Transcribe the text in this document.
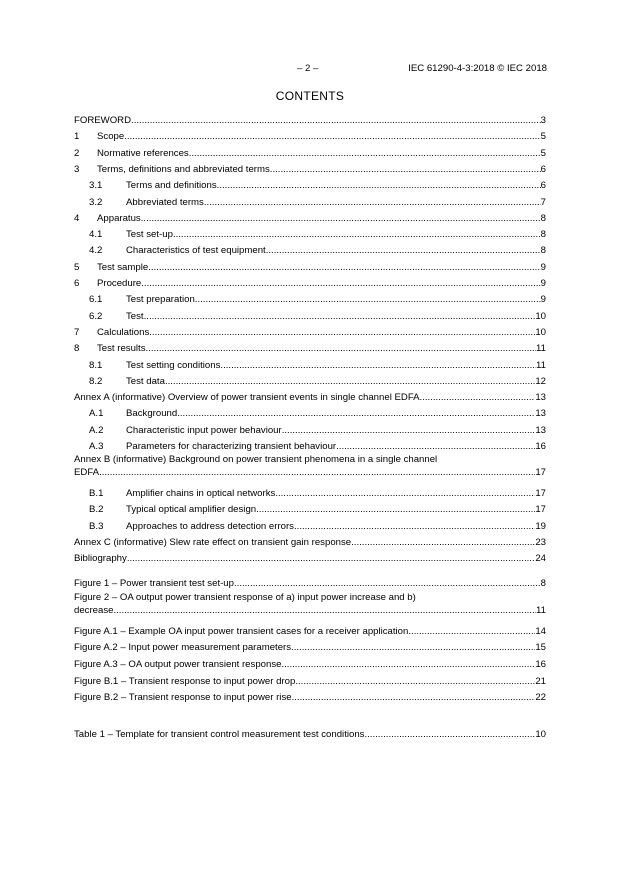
– 2 –	IEC 61290-4-3:2018 © IEC 2018
CONTENTS
FOREWORD .....	3
1	Scope .....	5
2	Normative references .....	5
3	Terms, definitions and abbreviated terms .....	6
3.1	Terms and definitions .....	6
3.2	Abbreviated terms .....	7
4	Apparatus .....	8
4.1	Test set-up .....	8
4.2	Characteristics of test equipment .....	8
5	Test sample .....	9
6	Procedure .....	9
6.1	Test preparation .....	9
6.2	Test .....	10
7	Calculations .....	10
8	Test results .....	11
8.1	Test setting conditions .....	11
8.2	Test data .....	12
Annex A (informative) Overview of power transient events in single channel EDFA .....	13
A.1	Background .....	13
A.2	Characteristic input power behaviour .....	13
A.3	Parameters for characterizing transient behaviour .....	16
Annex B (informative) Background on power transient phenomena in a single channel
EDFA .....	17
B.1	Amplifier chains in optical networks .....	17
B.2	Typical optical amplifier design .....	17
B.3	Approaches to address detection errors .....	19
Annex C (informative) Slew rate effect on transient gain response .....	23
Bibliography .....	24
Figure 1 – Power transient test set-up .....	8
Figure 2 – OA output power transient response of a) input power increase and b)
decrease .....	11
Figure A.1 – Example OA input power transient cases for a receiver application .....	14
Figure A.2 – Input power measurement parameters .....	15
Figure A.3 – OA output power transient response .....	16
Figure B.1 – Transient response to input power drop .....	21
Figure B.2 – Transient response to input power rise .....	22
Table 1 – Template for transient control measurement test conditions .....	10
